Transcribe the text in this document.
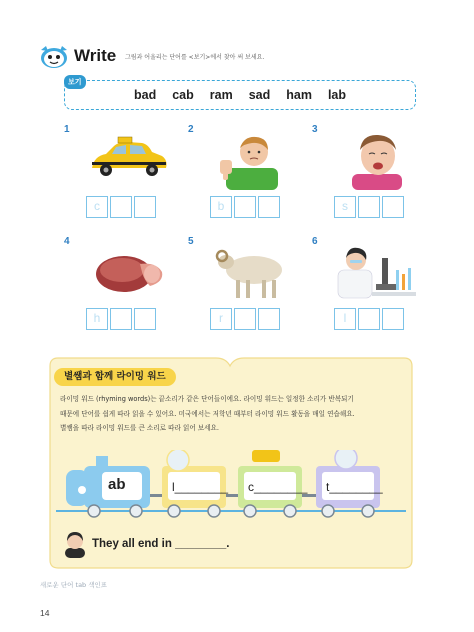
Write 그림과 어울리는 단어를 <보기>에서 찾아 써 보세요.
보기
bad cab ram sad ham lab
1
c
2
b
3
s
4
h
5
r
6
l
별쌤과 함께 라이밍 워드
라이밍 워드 (rhyming words)는 끝소리가 같은 단어들이에요. 라이밍 워드는 일정한 소리가 반복되기
때문에 단어를 쉽게 따라 읽을 수 있어요. 미국에서는 저학년 때부터 라이밍 워드 활동을 매일 연습해요.
별쌤을 따라 라이밍 워드를 큰 소리로 따라 읽어 보세요.
ab	l________ c________ t________
They all end in ________.
새로운 단어 tab 색인표
14
